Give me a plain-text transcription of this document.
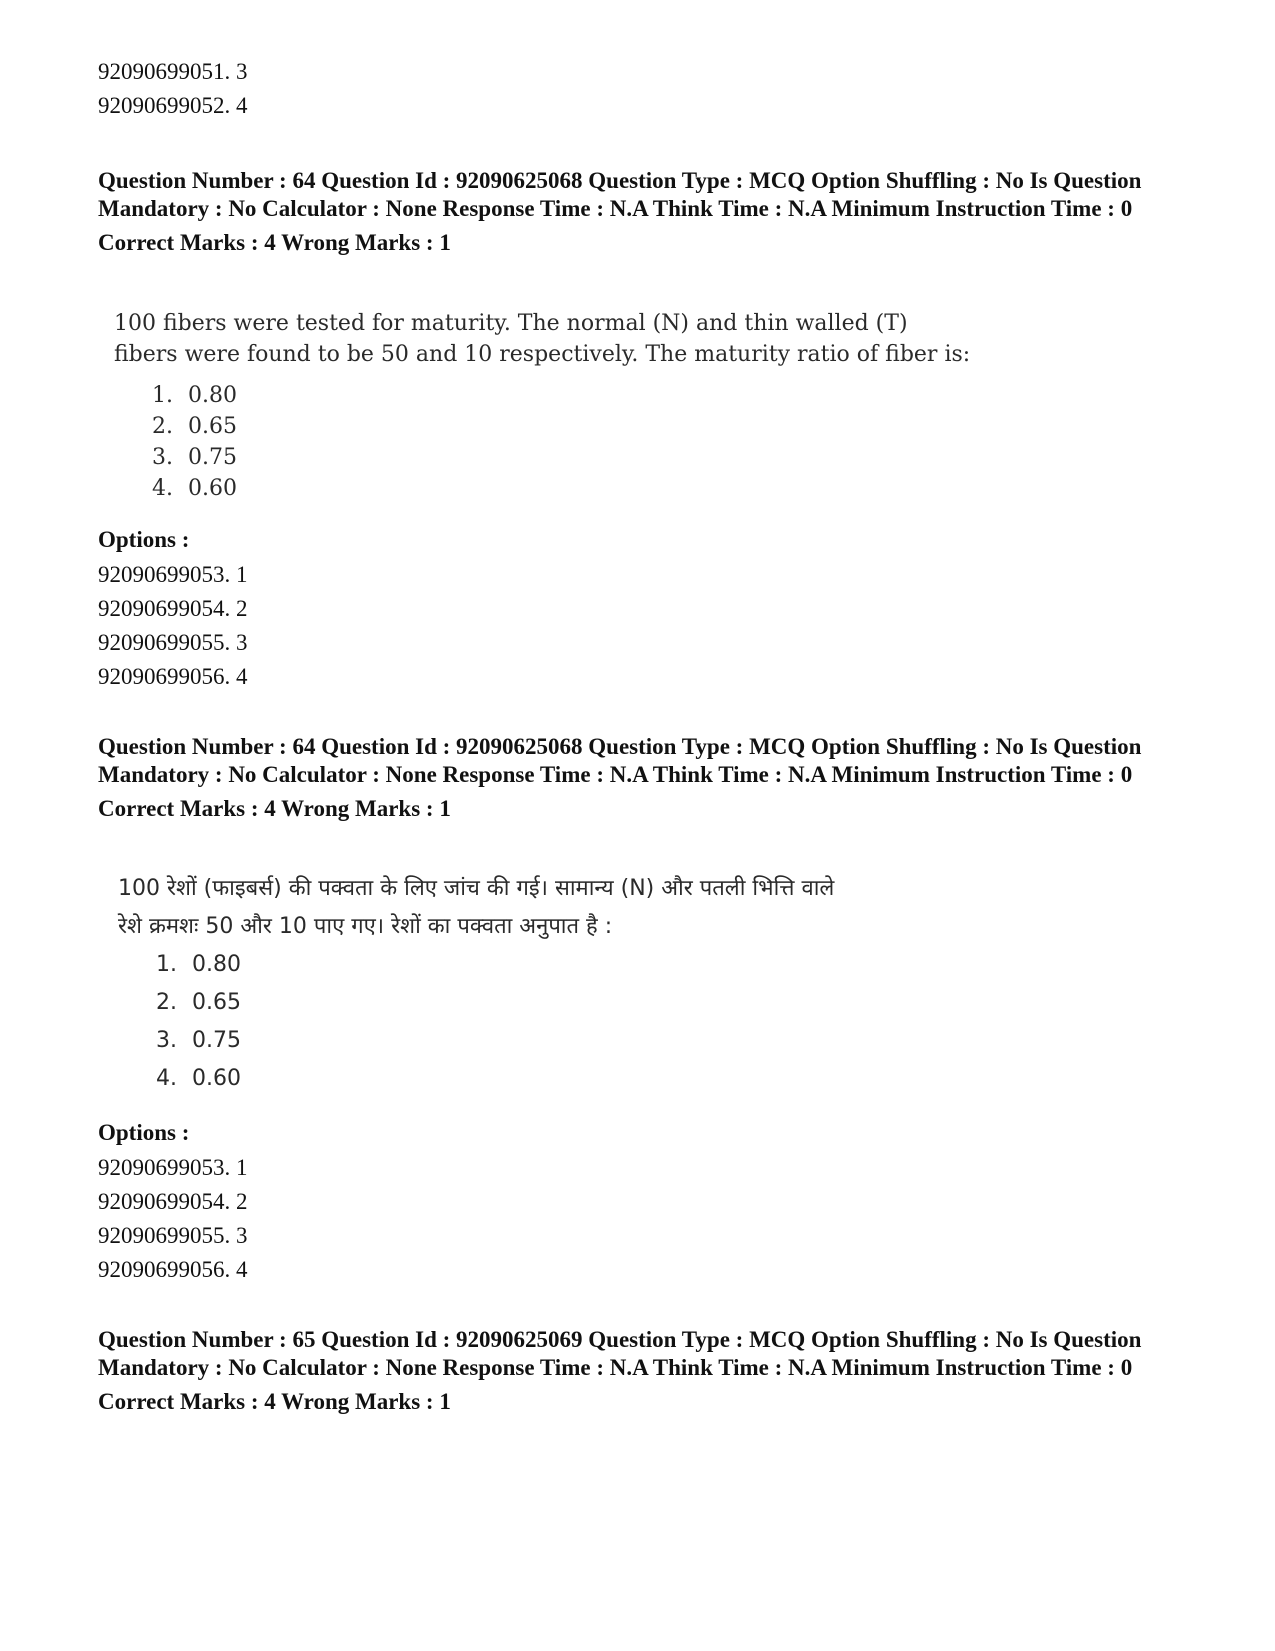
92090699051. 3
92090699052. 4
Question Number : 64 Question Id : 92090625068 Question Type : MCQ Option Shuffling : No Is Question Mandatory : No Calculator : None Response Time : N.A Think Time : N.A Minimum Instruction Time : 0
Correct Marks : 4 Wrong Marks : 1
100 fibers were tested for maturity. The normal (N) and thin walled (T)
fibers were found to be 50 and 10 respectively. The maturity ratio of fiber is:
1. 0.80
2. 0.65
3. 0.75
4. 0.60
Options :
92090699053. 1
92090699054. 2
92090699055. 3
92090699056. 4
Question Number : 64 Question Id : 92090625068 Question Type : MCQ Option Shuffling : No Is Question Mandatory : No Calculator : None Response Time : N.A Think Time : N.A Minimum Instruction Time : 0
Correct Marks : 4 Wrong Marks : 1
100 रेशों (फाइबर्स) की पक्वता के लिए जांच की गई। सामान्य (N) और पतली भित्ति वाले
रेशे क्रमशः 50 और 10 पाए गए। रेशों का पक्वता अनुपात है :
1. 0.80
2. 0.65
3. 0.75
4. 0.60
Options :
92090699053. 1
92090699054. 2
92090699055. 3
92090699056. 4
Question Number : 65 Question Id : 92090625069 Question Type : MCQ Option Shuffling : No Is Question Mandatory : No Calculator : None Response Time : N.A Think Time : N.A Minimum Instruction Time : 0
Correct Marks : 4 Wrong Marks : 1
